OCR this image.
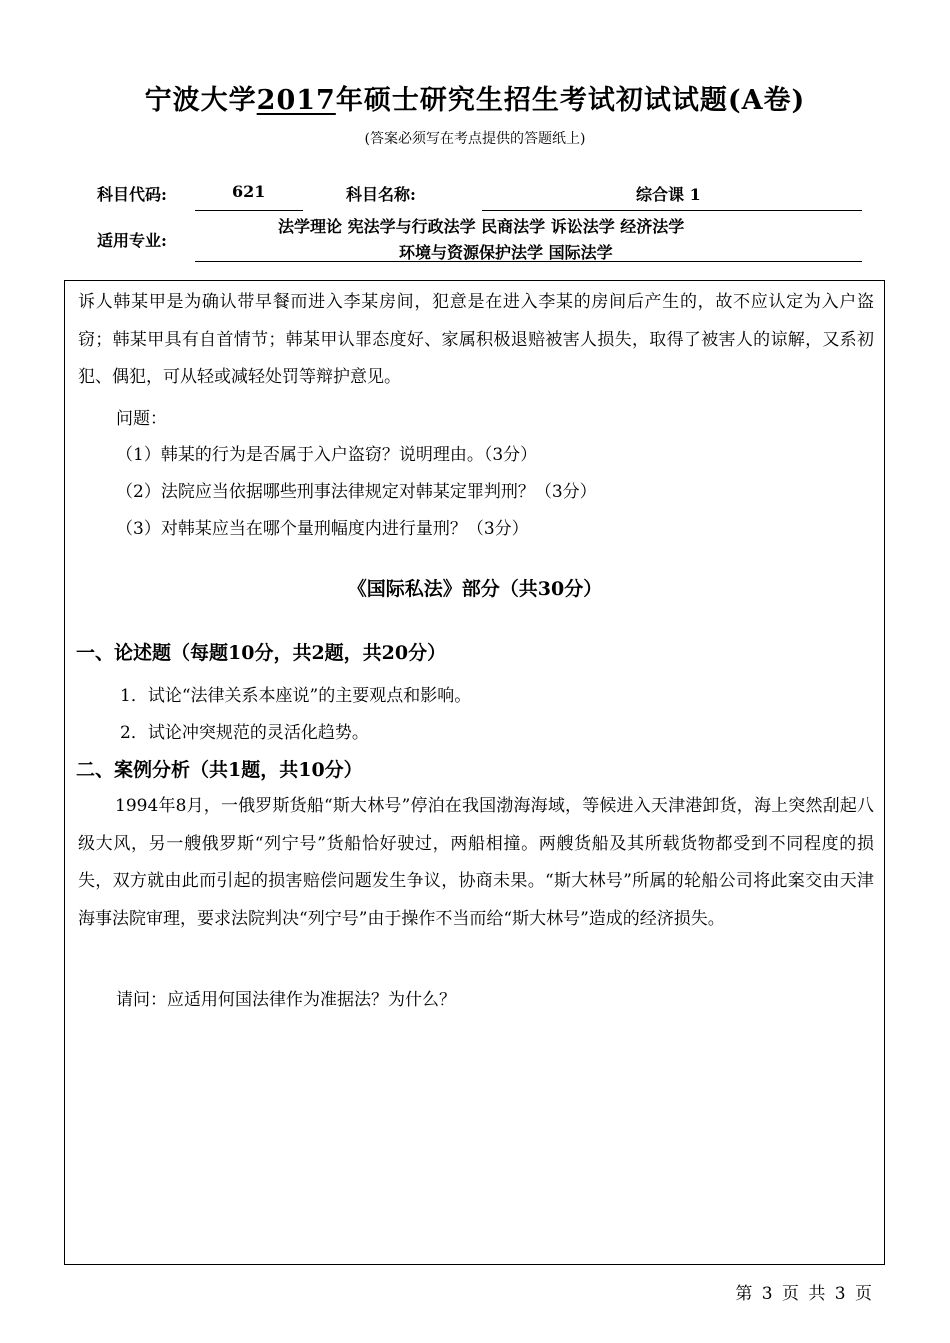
宁波大学2017年硕士研究生招生考试初试试题(A卷)
(答案必须写在考点提供的答题纸上)
科目代码:	621	科目名称:	综合课 1
适用专业:
法学理论 宪法学与行政法学 民商法学 诉讼法学 经济法学
环境与资源保护法学 国际法学
诉人韩某甲是为确认带早餐而进入李某房间，犯意是在进入李某的房间后产生的，故不应认定为入户盗窃；韩某甲具有自首情节；韩某甲认罪态度好、家属积极退赔被害人损失，取得了被害人的谅解，又系初犯、偶犯，可从轻或减轻处罚等辩护意见。
问题：
（1）韩某的行为是否属于入户盗窃？说明理由。（3分）
（2）法院应当依据哪些刑事法律规定对韩某定罪判刑？（3分）
（3）对韩某应当在哪个量刑幅度内进行量刑？（3分）
《国际私法》部分（共30分）
一、论述题（每题10分，共2题，共20分）
1．试论“法律关系本座说”的主要观点和影响。
2．试论冲突规范的灵活化趋势。
二、案例分析（共1题，共10分）
1994年8月，一俄罗斯货船“斯大林号”停泊在我国渤海海域，等候进入天津港卸货，海上突然刮起八级大风，另一艘俄罗斯“列宁号”货船恰好驶过，两船相撞。两艘货船及其所载货物都受到不同程度的损失，双方就由此而引起的损害赔偿问题发生争议，协商未果。“斯大林号”所属的轮船公司将此案交由天津海事法院审理，要求法院判决“列宁号”由于操作不当而给“斯大林号”造成的经济损失。
请问：应适用何国法律作为准据法？为什么？
第 3 页 共 3 页
